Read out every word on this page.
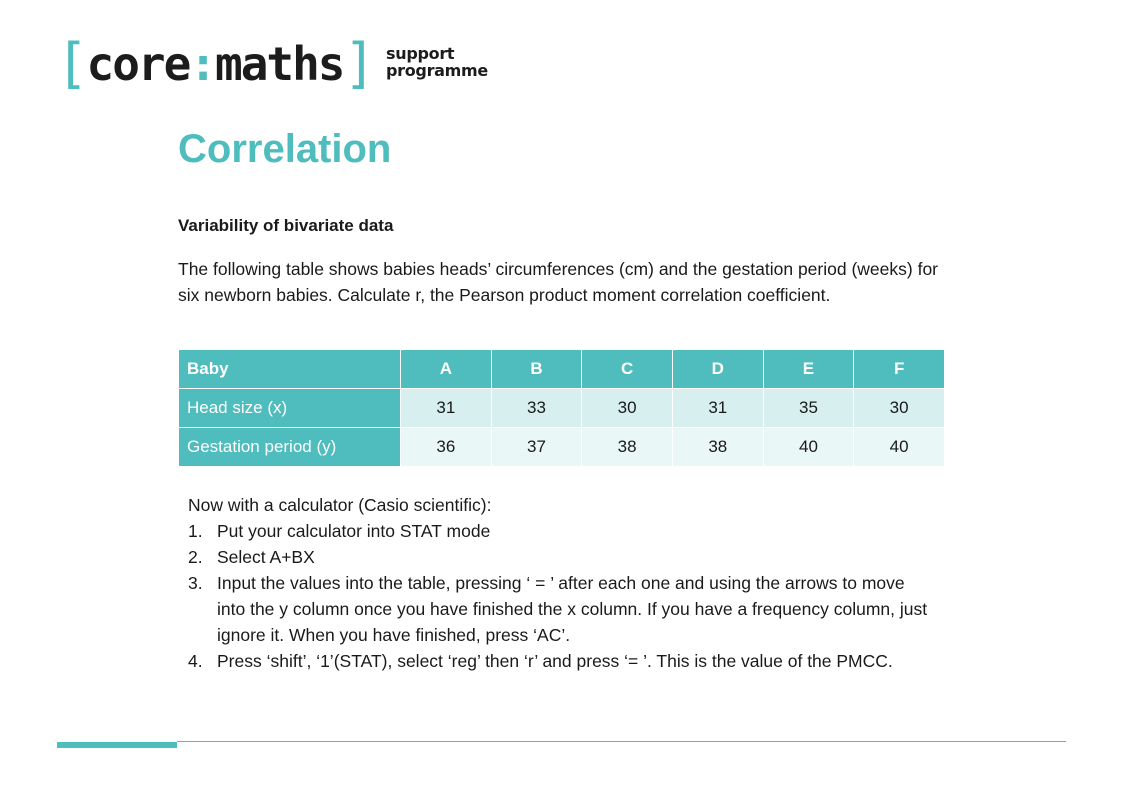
[core:maths] support
programme
Correlation

Variability of bivariate data

The following table shows babies heads’ circumferences (cm) and the gestation period (weeks) for six newborn babies. Calculate r, the Pearson product moment correlation coefficient.

Baby	A	B	C	D	E	F
Head size (x)	31	33	30	31	35	30
Gestation period (y)	36	37	38	38	40	40

Now with a calculator (Casio scientific):

1. Put your calculator into STAT mode
2. Select A+BX
3. Input the values into the table, pressing ‘ = ’ after each one and using the arrows to move into the y column once you have finished the x column. If you have a frequency column, just ignore it. When you have finished, press ‘AC’.
4. Press ‘shift’, ‘1’(STAT), select ‘reg’ then ‘r’ and press ‘= ’. This is the value of the PMCC.
